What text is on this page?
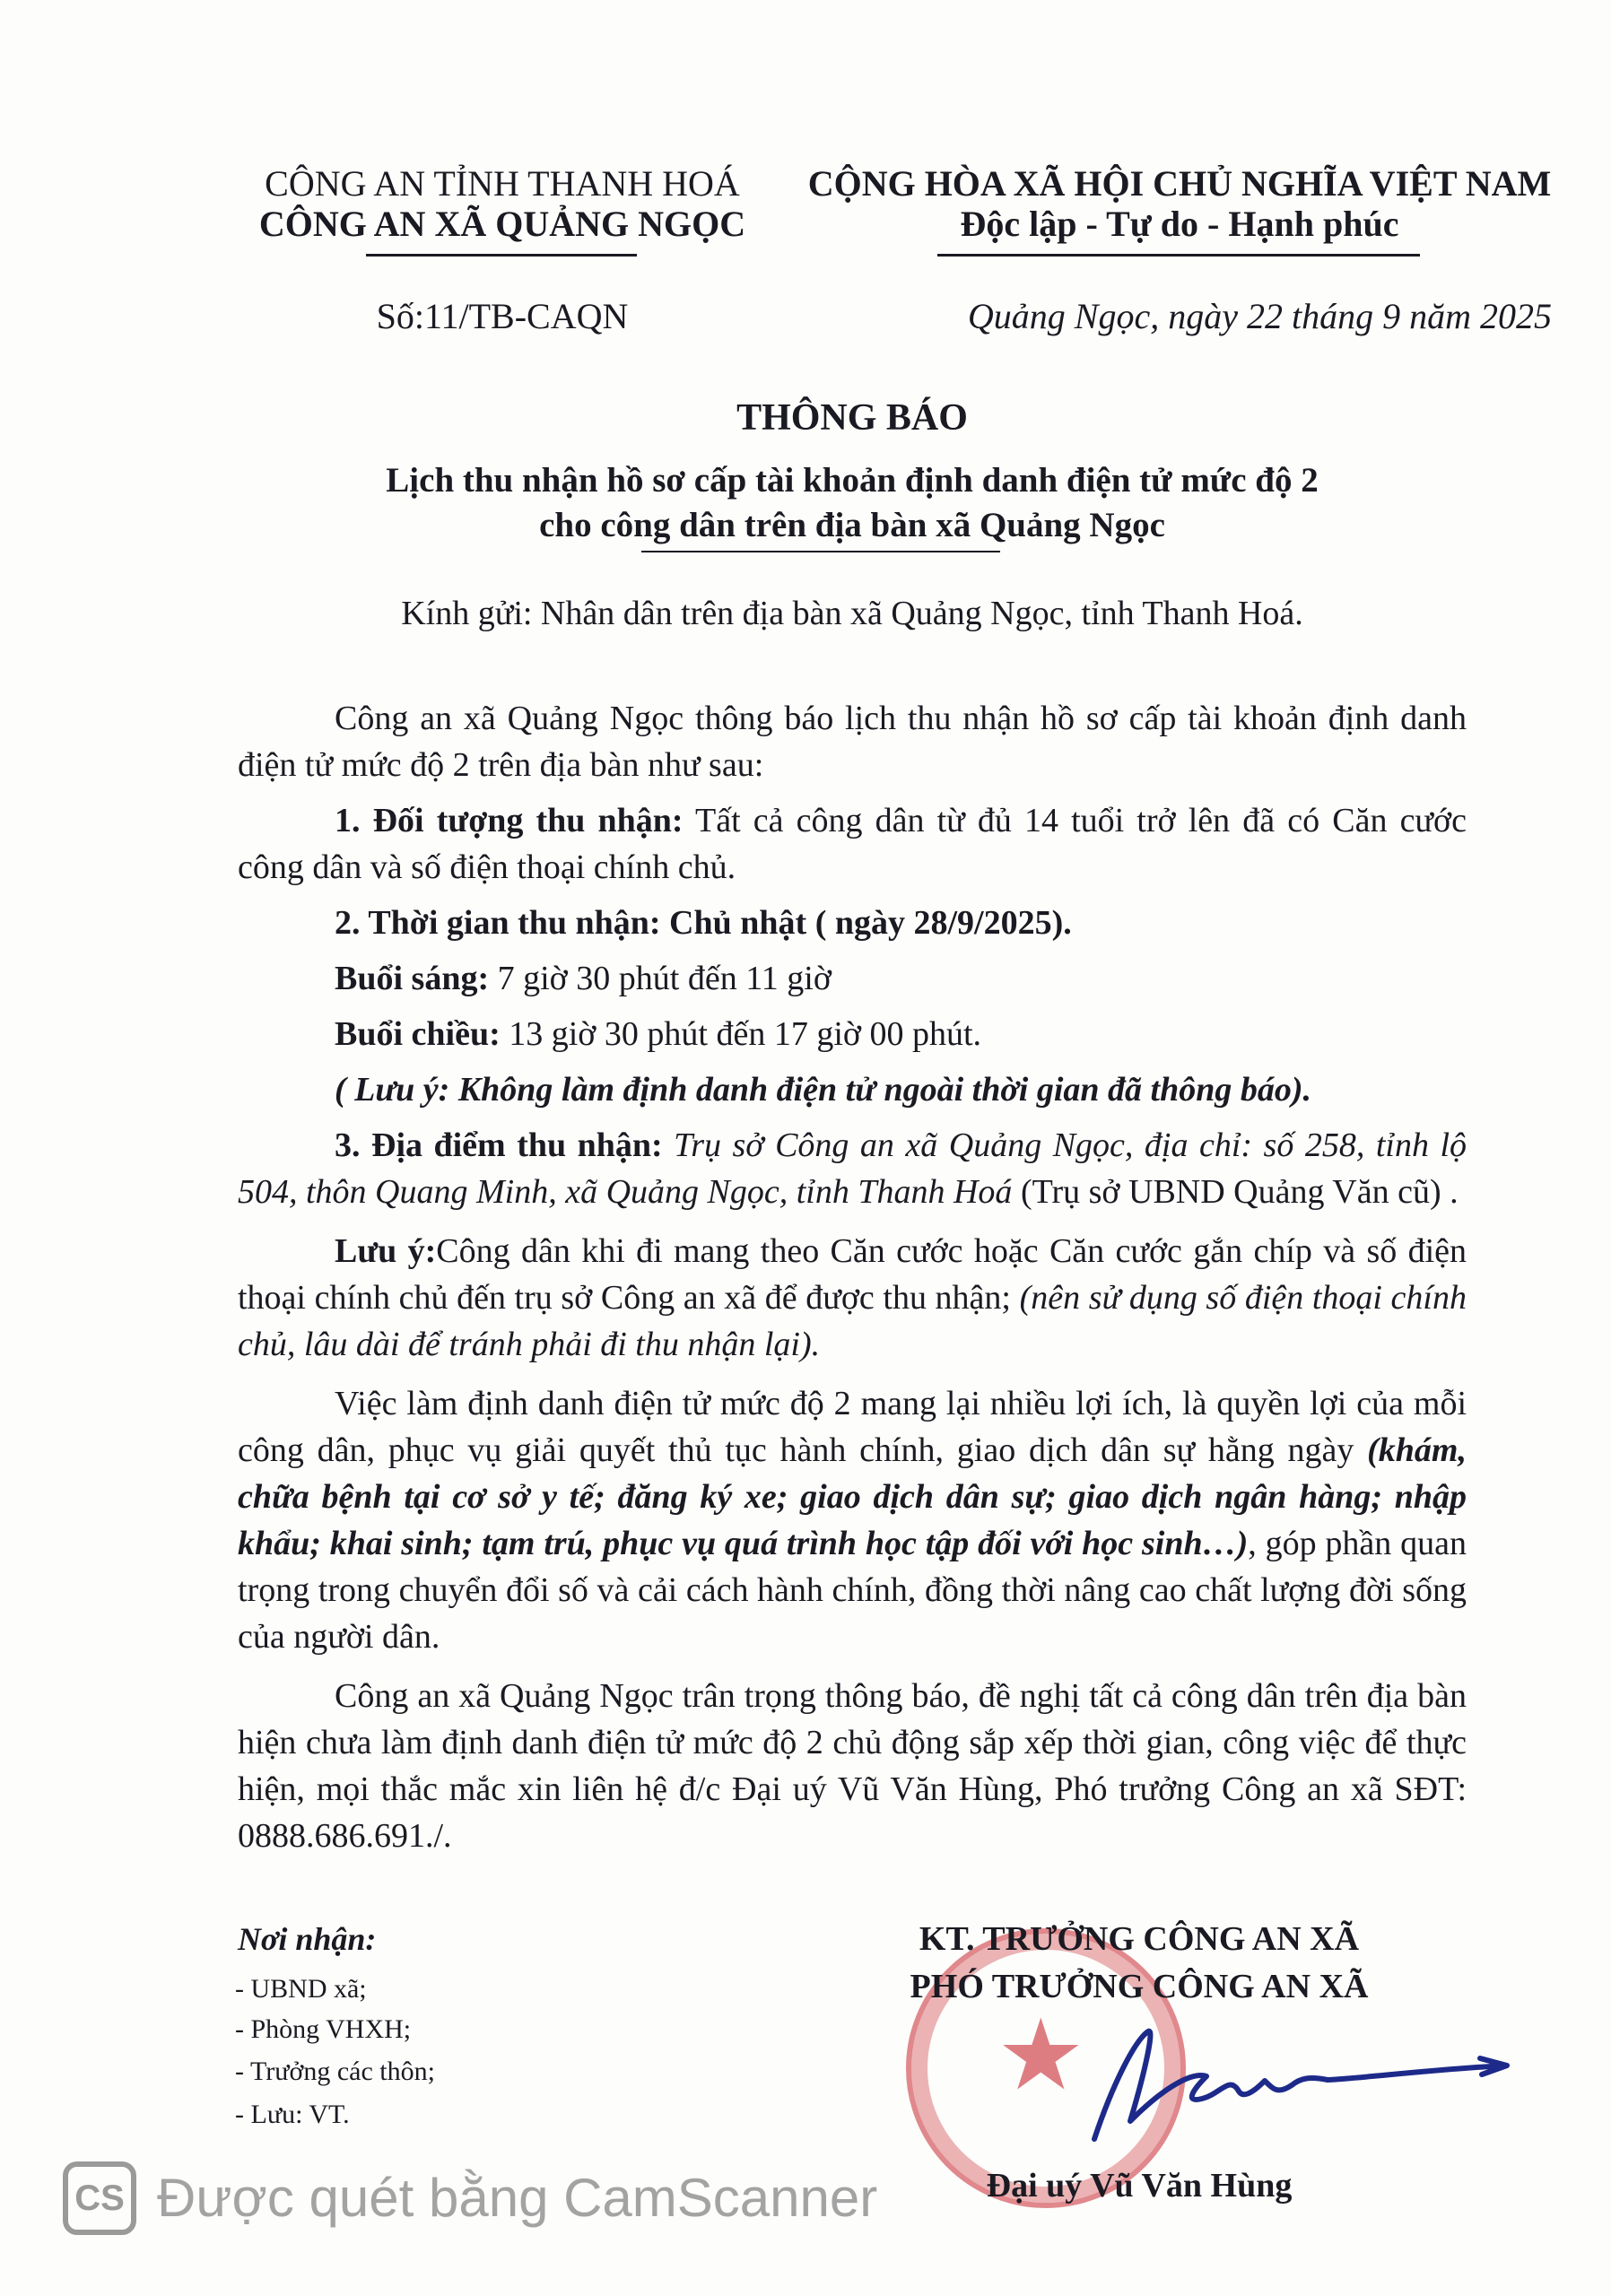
CÔNG AN TỈNH THANH HOÁ
CÔNG AN XÃ QUẢNG NGỌC
CỘNG HÒA XÃ HỘI CHỦ NGHĨA VIỆT NAM
Độc lập - Tự do - Hạnh phúc
Số:11/TB-CAQN	Quảng Ngọc, ngày 22 tháng 9 năm 2025
THÔNG BÁO
Lịch thu nhận hồ sơ cấp tài khoản định danh điện tử mức độ 2
cho công dân trên địa bàn xã Quảng Ngọc
Kính gửi: Nhân dân trên địa bàn xã Quảng Ngọc, tỉnh Thanh Hoá.

Công an xã Quảng Ngọc thông báo lịch thu nhận hồ sơ cấp tài khoản định danh điện tử mức độ 2 trên địa bàn như sau:

1. Đối tượng thu nhận: Tất cả công dân từ đủ 14 tuổi trở lên đã có Căn cước công dân và số điện thoại chính chủ.

2. Thời gian thu nhận: Chủ nhật ( ngày 28/9/2025).

Buổi sáng: 7 giờ 30 phút đến 11 giờ

Buổi chiều: 13 giờ 30 phút đến 17 giờ 00 phút.

( Lưu ý: Không làm định danh điện tử ngoài thời gian đã thông báo).

3. Địa điểm thu nhận: Trụ sở Công an xã Quảng Ngọc, địa chỉ: số 258, tỉnh lộ 504, thôn Quang Minh, xã Quảng Ngọc, tỉnh Thanh Hoá (Trụ sở UBND Quảng Văn cũ) .

Lưu ý:Công dân khi đi mang theo Căn cước hoặc Căn cước gắn chíp và số điện thoại chính chủ đến trụ sở Công an xã để được thu nhận; (nên sử dụng số điện thoại chính chủ, lâu dài để tránh phải đi thu nhận lại).

Việc làm định danh điện tử mức độ 2 mang lại nhiều lợi ích, là quyền lợi của mỗi công dân, phục vụ giải quyết thủ tục hành chính, giao dịch dân sự hằng ngày (khám, chữa bệnh tại cơ sở y tế; đăng ký xe; giao dịch dân sự; giao dịch ngân hàng; nhập khẩu; khai sinh; tạm trú, phục vụ quá trình học tập đối với học sinh…), góp phần quan trọng trong chuyển đổi số và cải cách hành chính, đồng thời nâng cao chất lượng đời sống của người dân.

Công an xã Quảng Ngọc trân trọng thông báo, đề nghị tất cả công dân trên địa bàn hiện chưa làm định danh điện tử mức độ 2 chủ động sắp xếp thời gian, công việc để thực hiện, mọi thắc mắc xin liên hệ đ/c Đại uý Vũ Văn Hùng, Phó trưởng Công an xã SĐT: 0888.686.691./.

Nơi nhận:
- UBND xã;
- Phòng VHXH;
- Trưởng các thôn;
- Lưu: VT.
★
KT. TRƯỞNG CÔNG AN XÃ
PHÓ TRƯỞNG CÔNG AN XÃ
Đại uý Vũ Văn Hùng
CS Được quét bằng CamScanner
